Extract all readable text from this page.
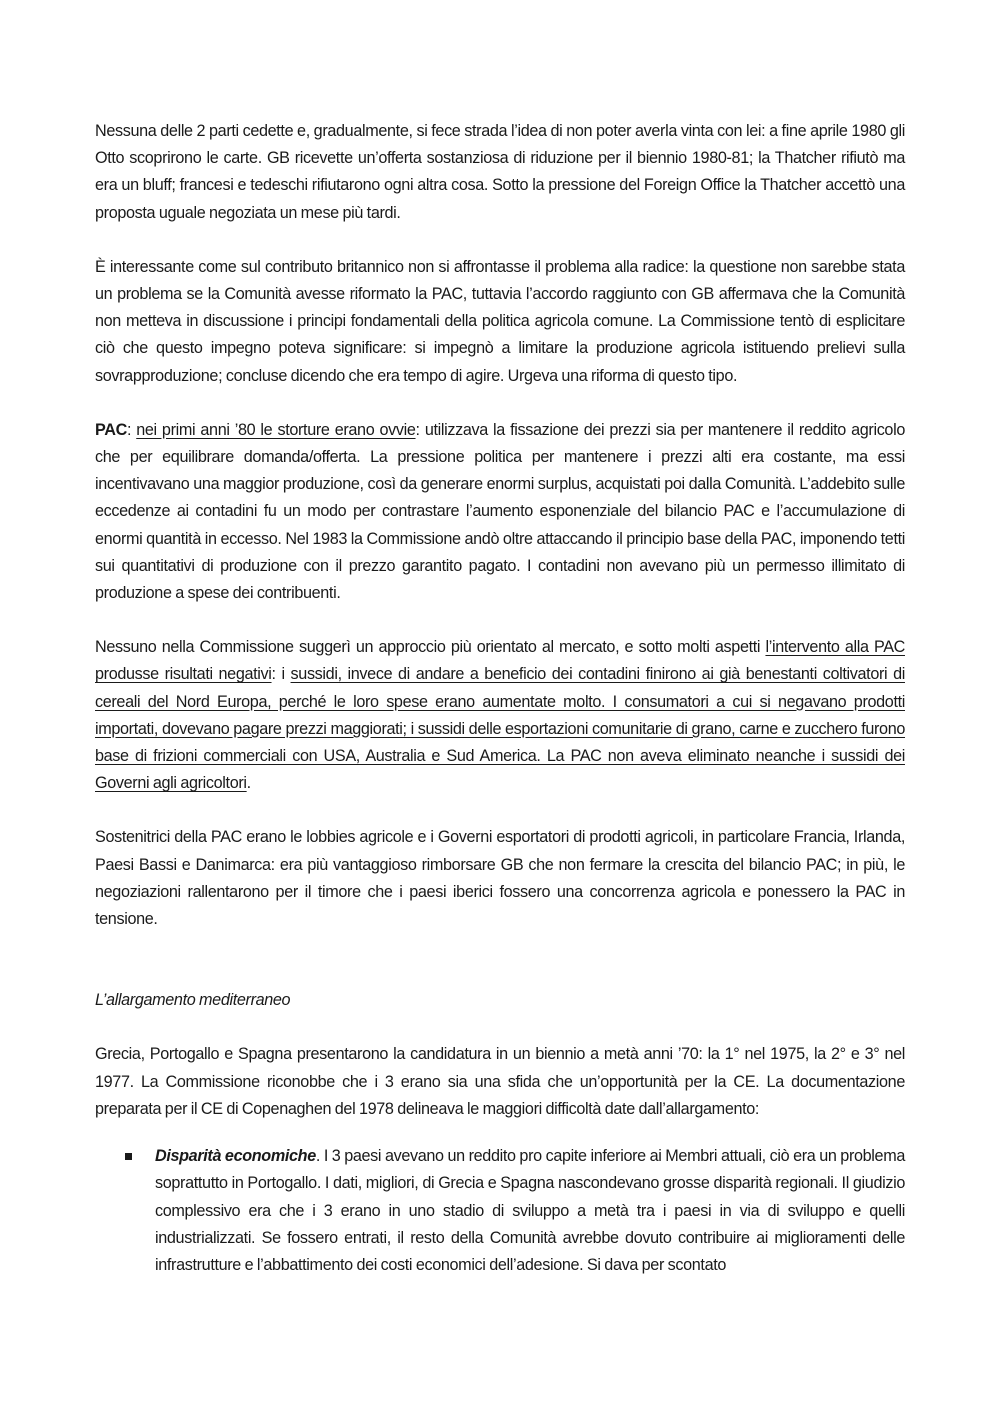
Nessuna delle 2 parti cedette e, gradualmente, si fece strada l’idea di non poter averla vinta con lei: a fine aprile 1980 gli Otto scoprirono le carte. GB ricevette un’offerta sostanziosa di riduzione per il biennio 1980-81; la Thatcher rifiutò ma era un bluff; francesi e tedeschi rifiutarono ogni altra cosa. Sotto la pressione del Foreign Office la Thatcher accettò una proposta uguale negoziata un mese più tardi.

È interessante come sul contributo britannico non si affrontasse il problema alla radice: la questione non sarebbe stata un problema se la Comunità avesse riformato la PAC, tuttavia l’accordo raggiunto con GB affermava che la Comunità non metteva in discussione i principi fondamentali della politica agricola comune. La Commissione tentò di esplicitare ciò che questo impegno poteva significare: si impegnò a limitare la produzione agricola istituendo prelievi sulla sovrapproduzione; concluse dicendo che era tempo di agire. Urgeva una riforma di questo tipo.

PAC: nei primi anni ’80 le storture erano ovvie: utilizzava la fissazione dei prezzi sia per mantenere il reddito agricolo che per equilibrare domanda/offerta. La pressione politica per mantenere i prezzi alti era costante, ma essi incentivavano una maggior produzione, così da generare enormi surplus, acquistati poi dalla Comunità. L’addebito sulle eccedenze ai contadini fu un modo per contrastare l’aumento esponenziale del bilancio PAC e l’accumulazione di enormi quantità in eccesso. Nel 1983 la Commissione andò oltre attaccando il principio base della PAC, imponendo tetti sui quantitativi di produzione con il prezzo garantito pagato. I contadini non avevano più un permesso illimitato di produzione a spese dei contribuenti.

Nessuno nella Commissione suggerì un approccio più orientato al mercato, e sotto molti aspetti l’intervento alla PAC produsse risultati negativi: i sussidi, invece di andare a beneficio dei contadini finirono ai già benestanti coltivatori di cereali del Nord Europa, perché le loro spese erano aumentate molto. I consumatori a cui si negavano prodotti importati, dovevano pagare prezzi maggiorati; i sussidi delle esportazioni comunitarie di grano, carne e zucchero furono base di frizioni commerciali con USA, Australia e Sud America. La PAC non aveva eliminato neanche i sussidi dei Governi agli agricoltori.

Sostenitrici della PAC erano le lobbies agricole e i Governi esportatori di prodotti agricoli, in particolare Francia, Irlanda, Paesi Bassi e Danimarca: era più vantaggioso rimborsare GB che non fermare la crescita del bilancio PAC; in più, le negoziazioni rallentarono per il timore che i paesi iberici fossero una concorrenza agricola e ponessero la PAC in tensione.

L’allargamento mediterraneo

Grecia, Portogallo e Spagna presentarono la candidatura in un biennio a metà anni ’70: la 1° nel 1975, la 2° e 3° nel 1977. La Commissione riconobbe che i 3 erano sia una sfida che un’opportunità per la CE. La documentazione preparata per il CE di Copenaghen del 1978 delineava le maggiori difficoltà date dall’allargamento:

Disparità economiche. I 3 paesi avevano un reddito pro capite inferiore ai Membri attuali, ciò era un problema soprattutto in Portogallo. I dati, migliori, di Grecia e Spagna nascondevano grosse disparità regionali. Il giudizio complessivo era che i 3 erano in uno stadio di sviluppo a metà tra i paesi in via di sviluppo e quelli industrializzati. Se fossero entrati, il resto della Comunità avrebbe dovuto contribuire ai miglioramenti delle infrastrutture e l’abbattimento dei costi economici dell’adesione. Si dava per scontato
